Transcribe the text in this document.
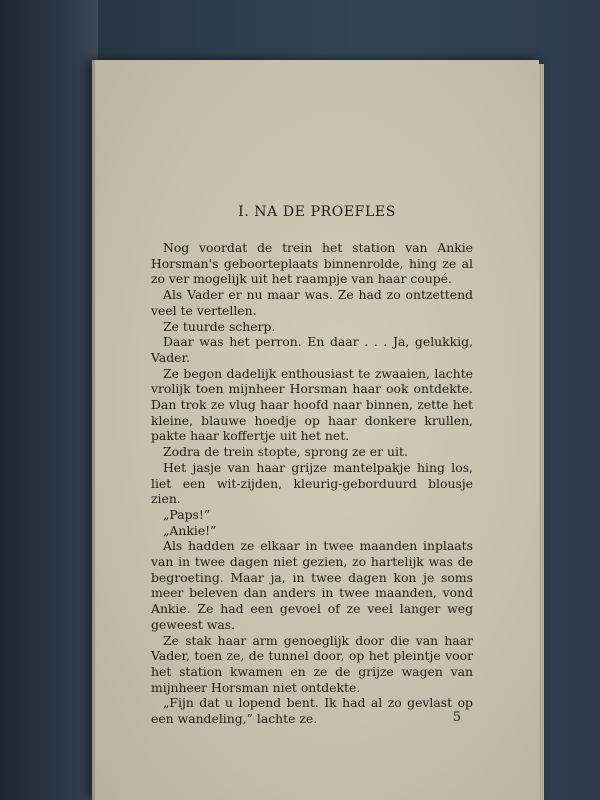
I. NA DE PROEFLES

Nog voordat de trein het station van Ankie Horsman's geboorteplaats binnenrolde, hing ze al zo ver mogelijk uit het raampje van haar coupé.

Als Vader er nu maar was. Ze had zo ontzettend veel te vertellen.

Ze tuurde scherp.

Daar was het perron. En daar . . . Ja, gelukkig, Vader.

Ze begon dadelijk enthousiast te zwaaien, lachte vrolijk toen mijnheer Horsman haar ook ontdekte. Dan trok ze vlug haar hoofd naar binnen, zette het kleine, blauwe hoedje op haar donkere krullen, pakte haar koffertje uit het net.

Zodra de trein stopte, sprong ze er uit.

Het jasje van haar grijze mantelpakje hing los, liet een wit-zijden, kleurig-geborduurd blousje zien.

„Paps!”

„Ankie!”

Als hadden ze elkaar in twee maanden inplaats van in twee dagen niet gezien, zo hartelijk was de begroeting. Maar ja, in twee dagen kon je soms meer beleven dan anders in twee maanden, vond Ankie. Ze had een gevoel of ze veel langer weg geweest was.

Ze stak haar arm genoeglijk door die van haar Vader, toen ze, de tunnel door, op het pleintje voor het station kwamen en ze de grijze wagen van mijnheer Horsman niet ontdekte.

„Fijn dat u lopend bent. Ik had al zo gevlast op een wandeling,” lachte ze.	5
